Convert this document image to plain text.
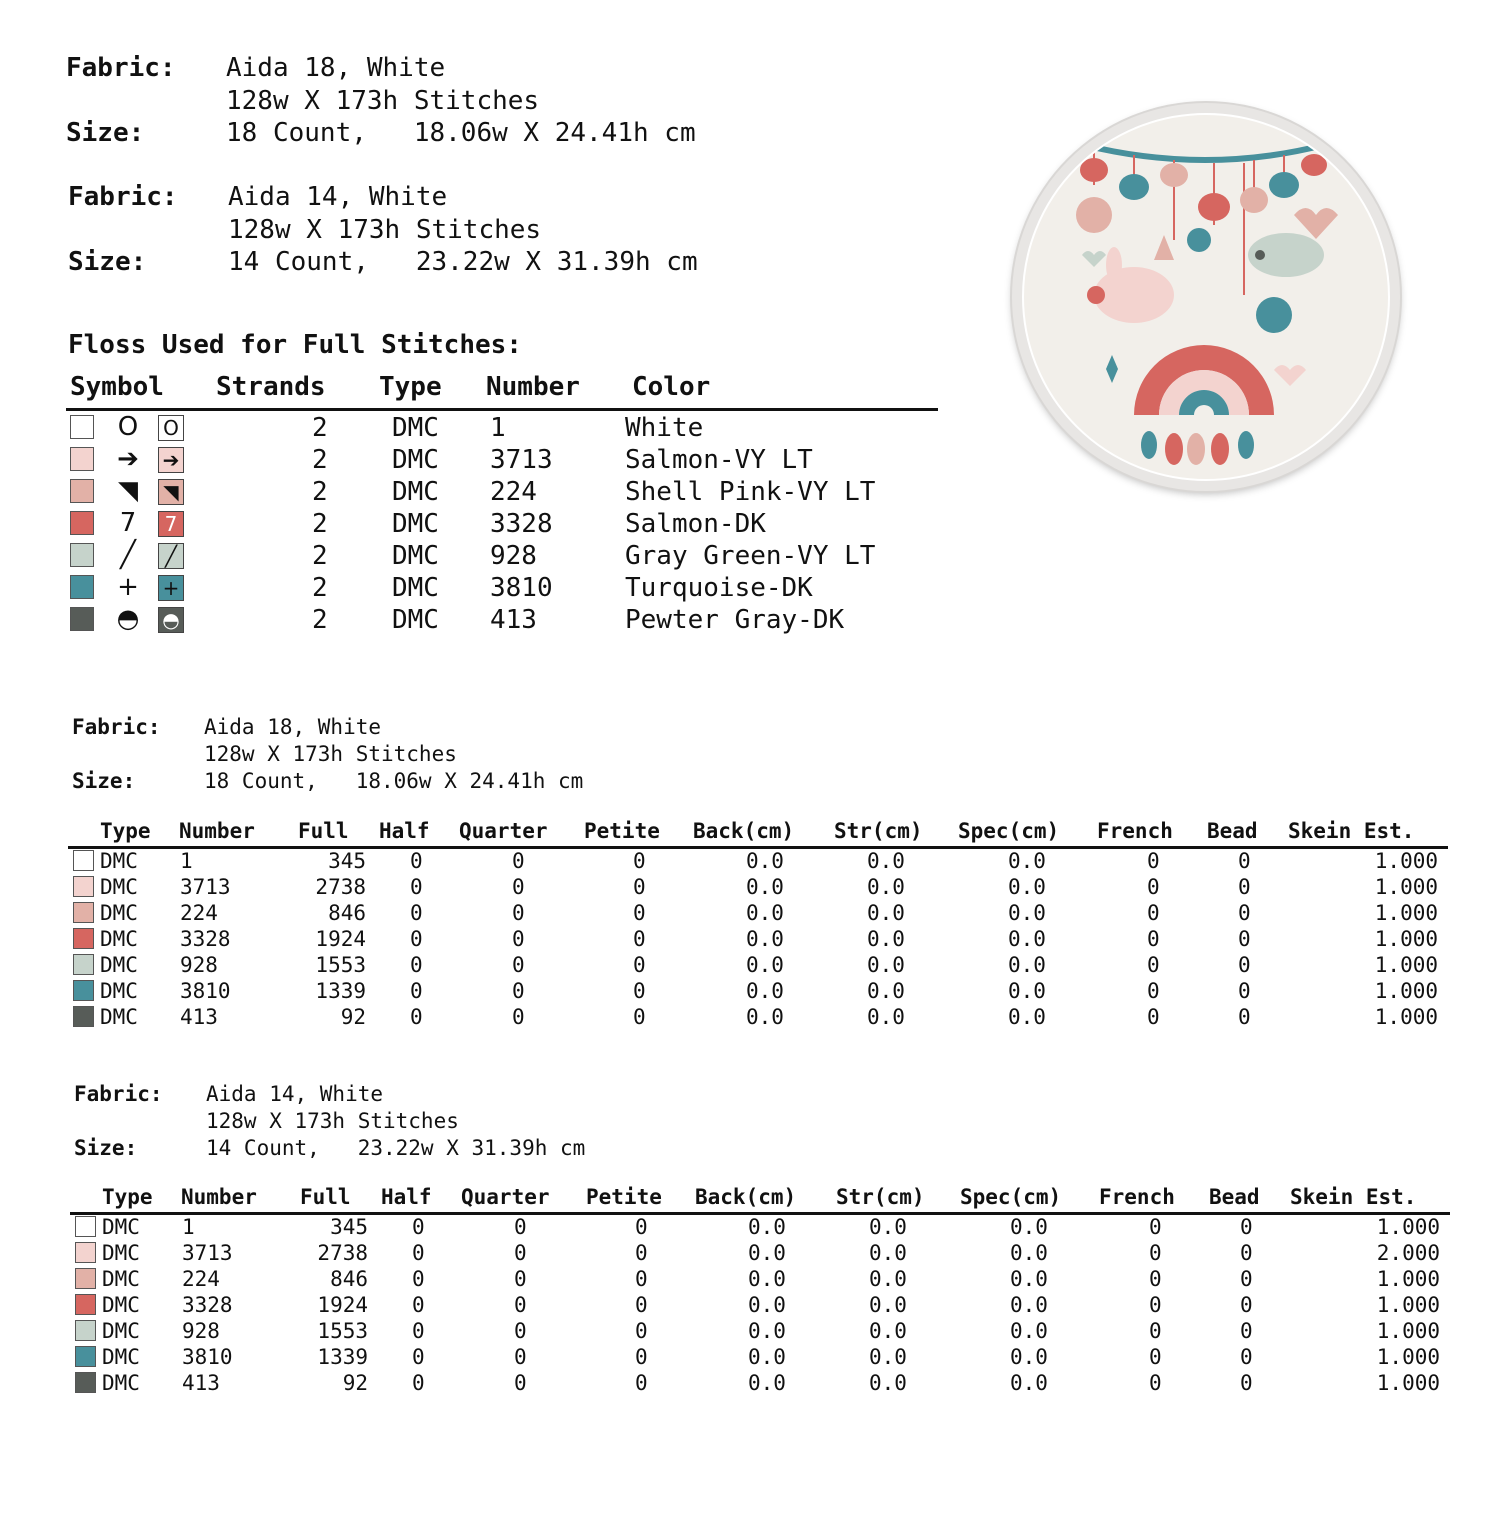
Fabric: Aida 18, White
128w X 173h Stitches
Size:	18 Count,   18.06w X 24.41h cm
Fabric: Aida 14, White
128w X 173h Stitches
Size:	14 Count,   23.22w X 31.39h cm
Floss Used for Full Stitches:
Symbol Strands Type Number Color
O O	2 DMC 1	White
➔ ➔	2 DMC 3713	Salmon-VY LT
◥ ◥	2 DMC 224	Shell Pink-VY LT
7	7	2 DMC 3328	Salmon-DK
╱	╱	2 DMC 928	Gray Green-VY LT
+ +	2 DMC 3810	Turquoise-DK
◓ ◓	2 DMC 413	Pewter Gray-DK
Fabric: Aida 18, White
128w X 173h Stitches
Size:	18 Count,   18.06w X 24.41h cm
Type Number Full Half Quarter Petite Back(cm) Str(cm) Spec(cm) French Bead Skein Est.
DMC 1	345 0	0	0	0.0	0.0	0.0	0	0	1.000
DMC 3713	2738 0	0	0	0.0	0.0	0.0	0	0	1.000
DMC 224	846 0	0	0	0.0	0.0	0.0	0	0	1.000
DMC 3328	1924 0	0	0	0.0	0.0	0.0	0	0	1.000
DMC 928	1553 0	0	0	0.0	0.0	0.0	0	0	1.000
DMC 3810	1339 0	0	0	0.0	0.0	0.0	0	0	1.000
DMC 413	92 0	0	0	0.0	0.0	0.0	0	0	1.000
Fabric: Aida 14, White
128w X 173h Stitches
Size:	14 Count,   23.22w X 31.39h cm
Type Number Full Half Quarter Petite Back(cm) Str(cm) Spec(cm) French Bead Skein Est.
DMC 1	345 0	0	0	0.0	0.0	0.0	0	0	1.000
DMC 3713	2738 0	0	0	0.0	0.0	0.0	0	0	2.000
DMC 224	846 0	0	0	0.0	0.0	0.0	0	0	1.000
DMC 3328	1924 0	0	0	0.0	0.0	0.0	0	0	1.000
DMC 928	1553 0	0	0	0.0	0.0	0.0	0	0	1.000
DMC 3810	1339 0	0	0	0.0	0.0	0.0	0	0	1.000
DMC 413	92 0	0	0	0.0	0.0	0.0	0	0	1.000
